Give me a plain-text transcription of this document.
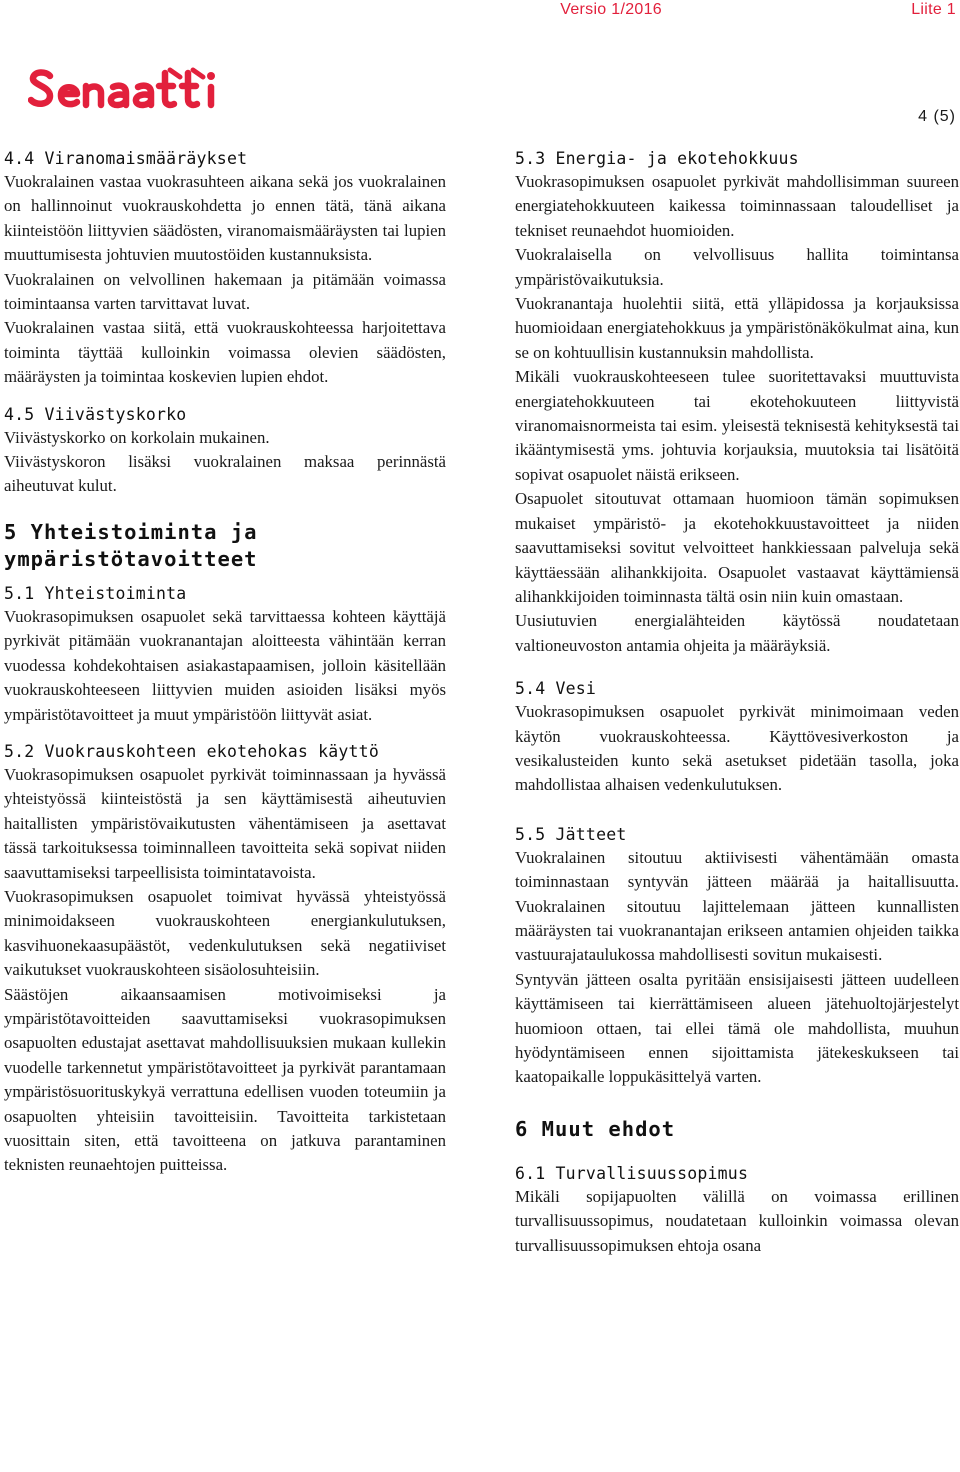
Versio 1/2016	Liite 1
4 (5)
4.4 Viranomaismääräykset

Vuokralainen vastaa vuokrasuhteen aikana sekä jos vuokralainen on hallinnoinut vuokrauskohdetta jo ennen tätä, tänä aikana kiinteistöön liittyvien säädösten, viranomaismääräysten tai lupien muuttumisesta johtuvien muutostöiden kustannuksista.

Vuokralainen on velvollinen hakemaan ja pitämään voimassa toimintaansa varten tarvittavat luvat.

Vuokralainen vastaa siitä, että vuokrauskohteessa harjoitettava toiminta täyttää kulloinkin voimassa olevien säädösten, määräysten ja toimintaa koskevien lupien ehdot.

4.5 Viivästyskorko

Viivästyskorko on korkolain mukainen.

Viivästyskoron lisäksi vuokralainen maksaa perinnästä aiheutuvat kulut.

5 Yhteistoiminta ja ympäristötavoitteet
5.1 Yhteistoiminta

Vuokrasopimuksen osapuolet sekä tarvittaessa kohteen käyttäjä pyrkivät pitämään vuokranantajan aloitteesta vähintään kerran vuodessa kohdekohtaisen asiakastapaamisen, jolloin käsitellään vuokrauskohteeseen liittyvien muiden asioiden lisäksi myös ympäristötavoitteet ja muut ympäristöön liittyvät asiat.

5.2 Vuokrauskohteen ekotehokas käyttö

Vuokrasopimuksen osapuolet pyrkivät toiminnassaan ja hyvässä yhteistyössä kiinteistöstä ja sen käyttämisestä aiheutuvien haitallisten ympäristövaikutusten vähentämiseen ja asettavat tässä tarkoituksessa toiminnalleen tavoitteita sekä sopivat niiden saavuttamiseksi tarpeellisista toimintatavoista.

Vuokrasopimuksen osapuolet toimivat hyvässä yhteistyössä minimoidakseen vuokrauskohteen energiankulutuksen, kasvihuonekaasupäästöt, vedenkulutuksen sekä negatiiviset vaikutukset vuokrauskohteen sisäolosuhteisiin.

Säästöjen aikaansaamisen motivoimiseksi ja ympäristötavoitteiden saavuttamiseksi vuokrasopimuksen osapuolten edustajat asettavat mahdollisuuksien mukaan kullekin vuodelle tarkennetut ympäristötavoitteet ja pyrkivät parantamaan ympäristösuorituskykyä verrattuna edellisen vuoden toteumiin ja osapuolten yhteisiin tavoitteisiin. Tavoitteita tarkistetaan vuosittain siten, että tavoitteena on jatkuva parantaminen teknisten reunaehtojen puitteissa.

5.3 Energia- ja ekotehokkuus

Vuokrasopimuksen osapuolet pyrkivät mahdollisimman suureen energiatehokkuuteen kaikessa toiminnassaan taloudelliset ja tekniset reunaehdot huomioiden.

Vuokralaisella on velvollisuus hallita toimintansa ympäristövaikutuksia.

Vuokranantaja huolehtii siitä, että ylläpidossa ja korjauksissa huomioidaan energiatehokkuus ja ympäristönäkökulmat aina, kun se on kohtuullisin kustannuksin mahdollista.

Mikäli vuokrauskohteeseen tulee suoritettavaksi muuttuvista energiatehokkuuteen tai ekotehokuuteen liittyvistä viranomaisnormeista tai esim. yleisestä teknisestä kehityksestä tai ikääntymisestä yms. johtuvia korjauksia, muutoksia tai lisätöitä sopivat osapuolet näistä erikseen.

Osapuolet sitoutuvat ottamaan huomioon tämän sopimuksen mukaiset ympäristö- ja ekotehokkuustavoitteet ja niiden saavuttamiseksi sovitut velvoitteet hankkiessaan palveluja sekä käyttäessään alihankkijoita. Osapuolet vastaavat käyttämiensä alihankkijoiden toiminnasta tältä osin niin kuin omastaan.

Uusiutuvien energialähteiden käytössä noudatetaan valtioneuvoston antamia ohjeita ja määräyksiä.

5.4 Vesi

Vuokrasopimuksen osapuolet pyrkivät minimoimaan veden käytön vuokrauskohteessa. Käyttövesiverkoston ja vesikalusteiden kunto sekä asetukset pidetään tasolla, joka mahdollistaa alhaisen vedenkulutuksen.

5.5 Jätteet

Vuokralainen sitoutuu aktiivisesti vähentämään omasta toiminnastaan syntyvän jätteen määrää ja haitallisuutta. Vuokralainen sitoutuu lajittelemaan jätteen kunnallisten määräysten tai vuokranantajan erikseen antamien ohjeiden taikka vastuurajataulukossa mahdollisesti sovitun mukaisesti.

Syntyvän jätteen osalta pyritään ensisijaisesti jätteen uudelleen käyttämiseen tai kierrättämiseen alueen jätehuoltojärjestelyt huomioon ottaen, tai ellei tämä ole mahdollista, muuhun hyödyntämiseen ennen sijoittamista jätekeskukseen tai kaatopaikalle loppukäsittelyä varten.

6 Muut ehdot
6.1 Turvallisuussopimus

Mikäli sopijapuolten välillä on voimassa erillinen turvallisuussopimus, noudatetaan kulloinkin voimassa olevan turvallisuussopimuksen ehtoja osana
